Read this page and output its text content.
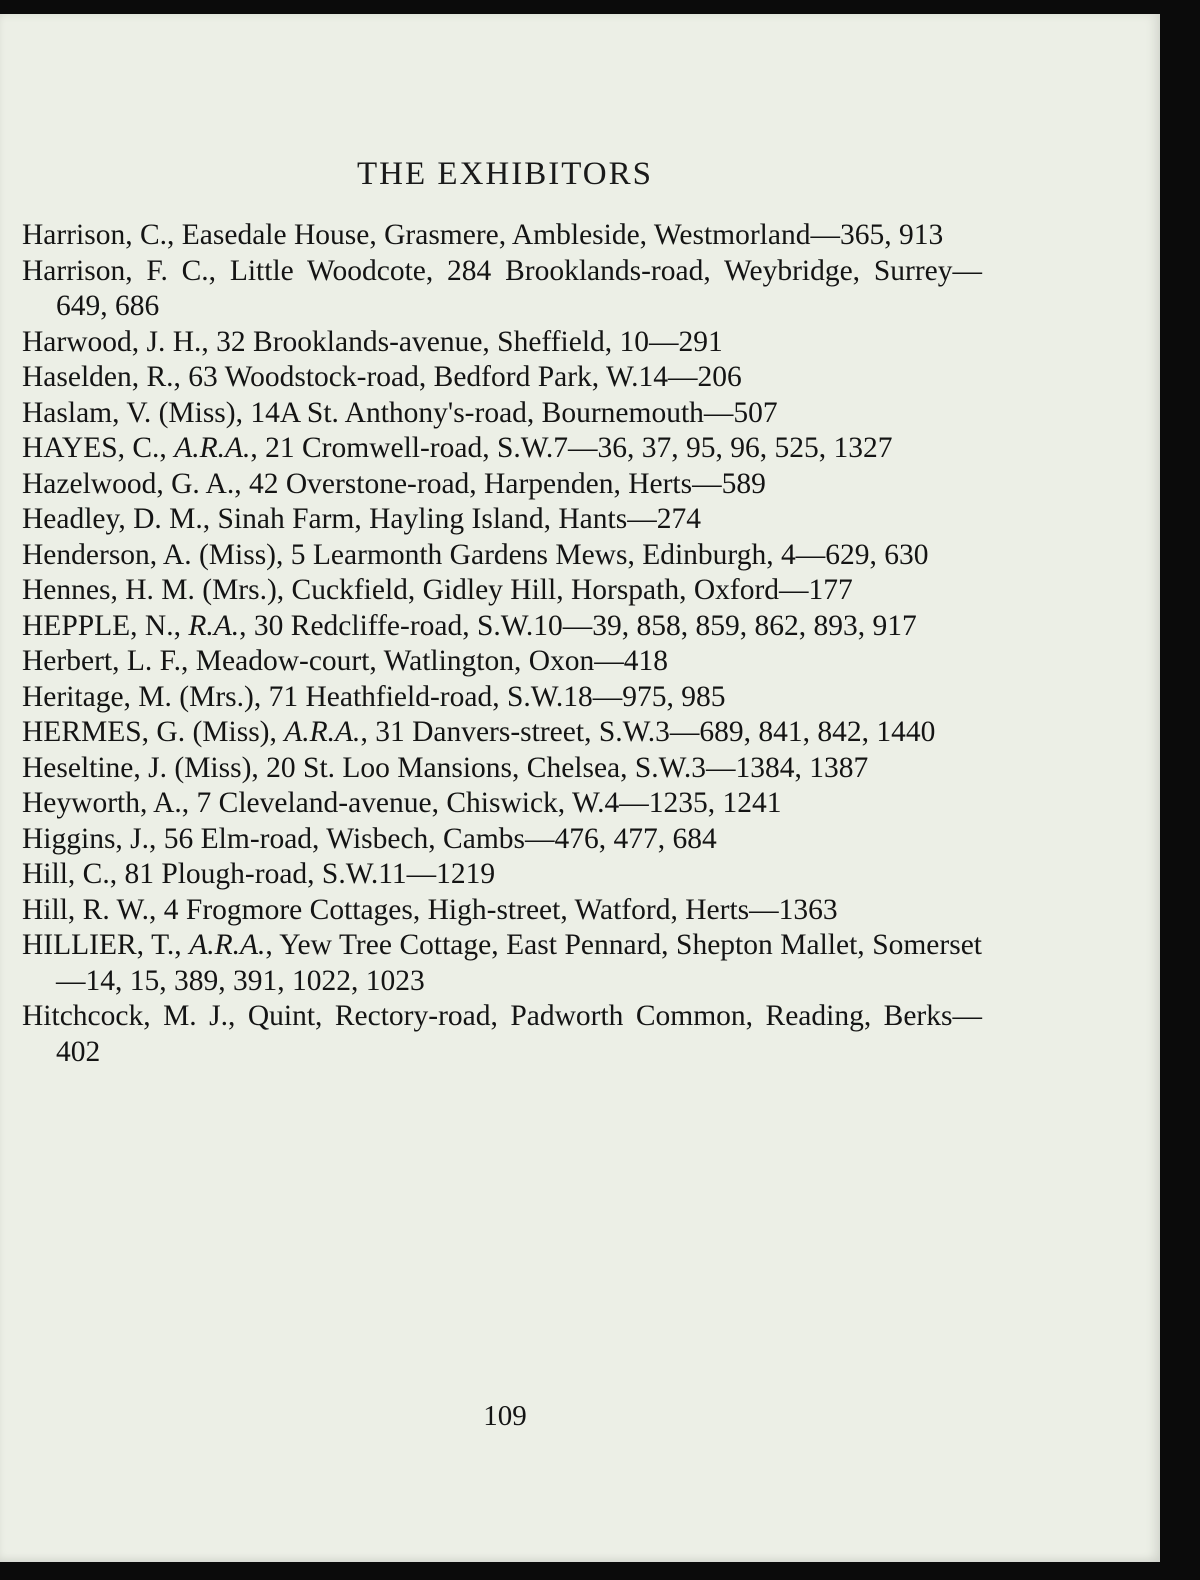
THE EXHIBITORS
Harrison, C., Easedale House, Grasmere, Ambleside, Westmorland—365, 913
Harrison, F. C., Little Woodcote, 284 Brooklands-road, Weybridge, Surrey—649, 686
Harwood, J. H., 32 Brooklands-avenue, Sheffield, 10—291
Haselden, R., 63 Woodstock-road, Bedford Park, W.14—206
Haslam, V. (Miss), 14A St. Anthony's-road, Bournemouth—507
HAYES, C., A.R.A., 21 Cromwell-road, S.W.7—36, 37, 95, 96, 525, 1327
Hazelwood, G. A., 42 Overstone-road, Harpenden, Herts—589
Headley, D. M., Sinah Farm, Hayling Island, Hants—274
Henderson, A. (Miss), 5 Learmonth Gardens Mews, Edinburgh, 4—629, 630
Hennes, H. M. (Mrs.), Cuckfield, Gidley Hill, Horspath, Oxford—177
HEPPLE, N., R.A., 30 Redcliffe-road, S.W.10—39, 858, 859, 862, 893, 917
Herbert, L. F., Meadow-court, Watlington, Oxon—418
Heritage, M. (Mrs.), 71 Heathfield-road, S.W.18—975, 985
HERMES, G. (Miss), A.R.A., 31 Danvers-street, S.W.3—689, 841, 842, 1440
Heseltine, J. (Miss), 20 St. Loo Mansions, Chelsea, S.W.3—1384, 1387
Heyworth, A., 7 Cleveland-avenue, Chiswick, W.4—1235, 1241
Higgins, J., 56 Elm-road, Wisbech, Cambs—476, 477, 684
Hill, C., 81 Plough-road, S.W.11—1219
Hill, R. W., 4 Frogmore Cottages, High-street, Watford, Herts—1363
HILLIER, T., A.R.A., Yew Tree Cottage, East Pennard, Shepton Mallet, Somerset—14, 15, 389, 391, 1022, 1023
Hitchcock, M. J., Quint, Rectory-road, Padworth Common, Reading, Berks—402
109
